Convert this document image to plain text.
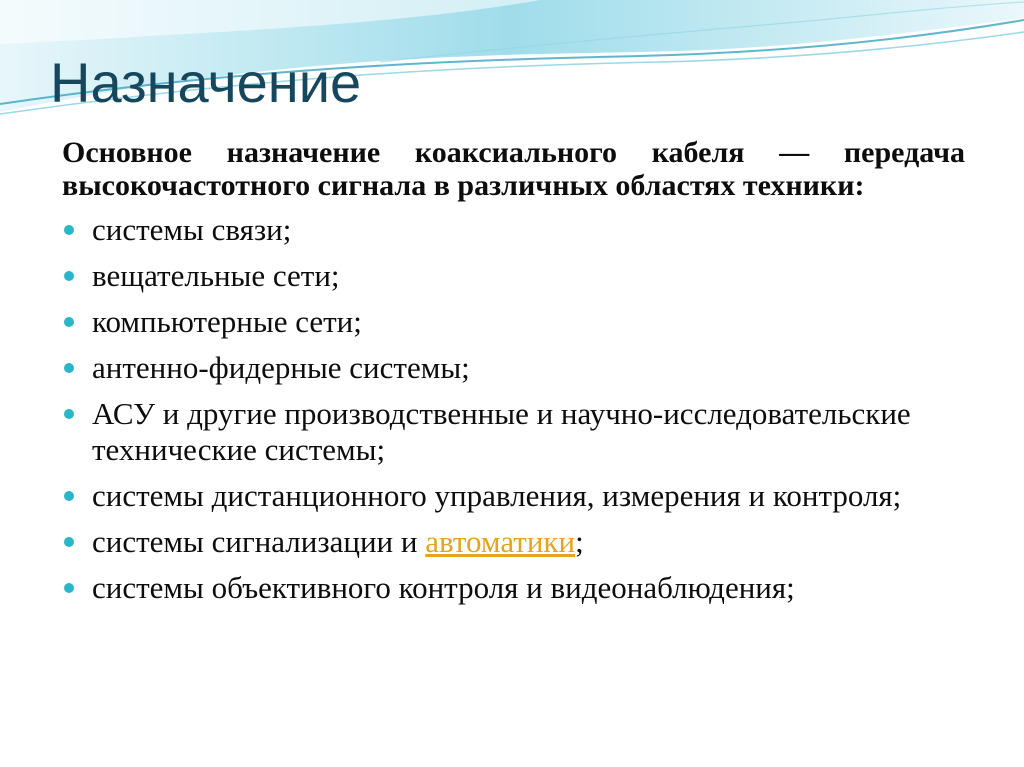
Назначение

Основное назначение коаксиального кабеля — передача высокочастотного сигнала в различных областях техники:

системы связи;
вещательные сети;
компьютерные сети;
антенно-фидерные системы;
АСУ и другие производственные и научно-исследовательские технические системы;
системы дистанционного управления, измерения и контроля;
системы сигнализации и автоматики;
системы объективного контроля и видеонаблюдения;
